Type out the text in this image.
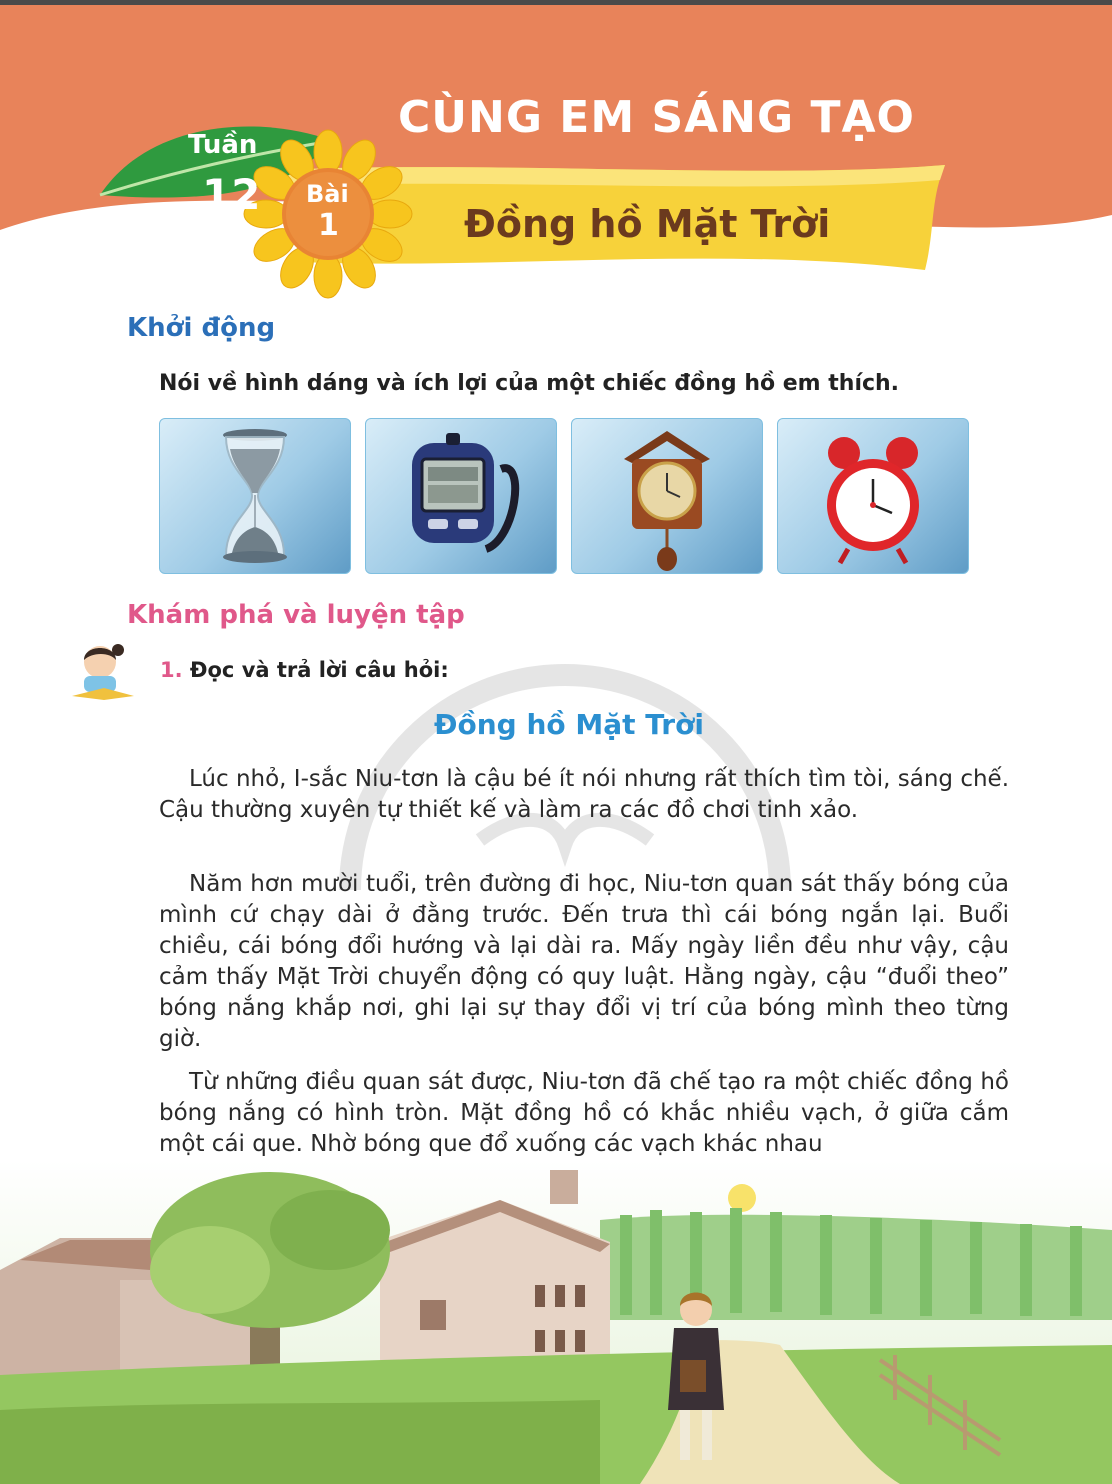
CÙNG EM SÁNG TẠO
Tuần
12 Bài
1	Đồng hồ Mặt Trời
Khởi động
Nói về hình dáng và ích lợi của một chiếc đồng hồ em thích.
Khám phá và luyện tập
1. Đọc và trả lời câu hỏi:
Đồng hồ Mặt Trời

Lúc nhỏ, I-sắc Niu-tơn là cậu bé ít nói nhưng rất thích tìm tòi, sáng chế. Cậu thường xuyên tự thiết kế và làm ra các đồ chơi tinh xảo.

Năm hơn mười tuổi, trên đường đi học, Niu-tơn quan sát thấy bóng của mình cứ chạy dài ở đằng trước. Đến trưa thì cái bóng ngắn lại. Buổi chiều, cái bóng đổi hướng và lại dài ra. Mấy ngày liền đều như vậy, cậu cảm thấy Mặt Trời chuyển động có quy luật. Hằng ngày, cậu “đuổi theo” bóng nắng khắp nơi, ghi lại sự thay đổi vị trí của bóng mình theo từng giờ.

Từ những điều quan sát được, Niu-tơn đã chế tạo ra một chiếc đồng hồ bóng nắng có hình tròn. Mặt đồng hồ có khắc nhiều vạch, ở giữa cắm một cái que. Nhờ bóng que đổ xuống các vạch khác nhau
